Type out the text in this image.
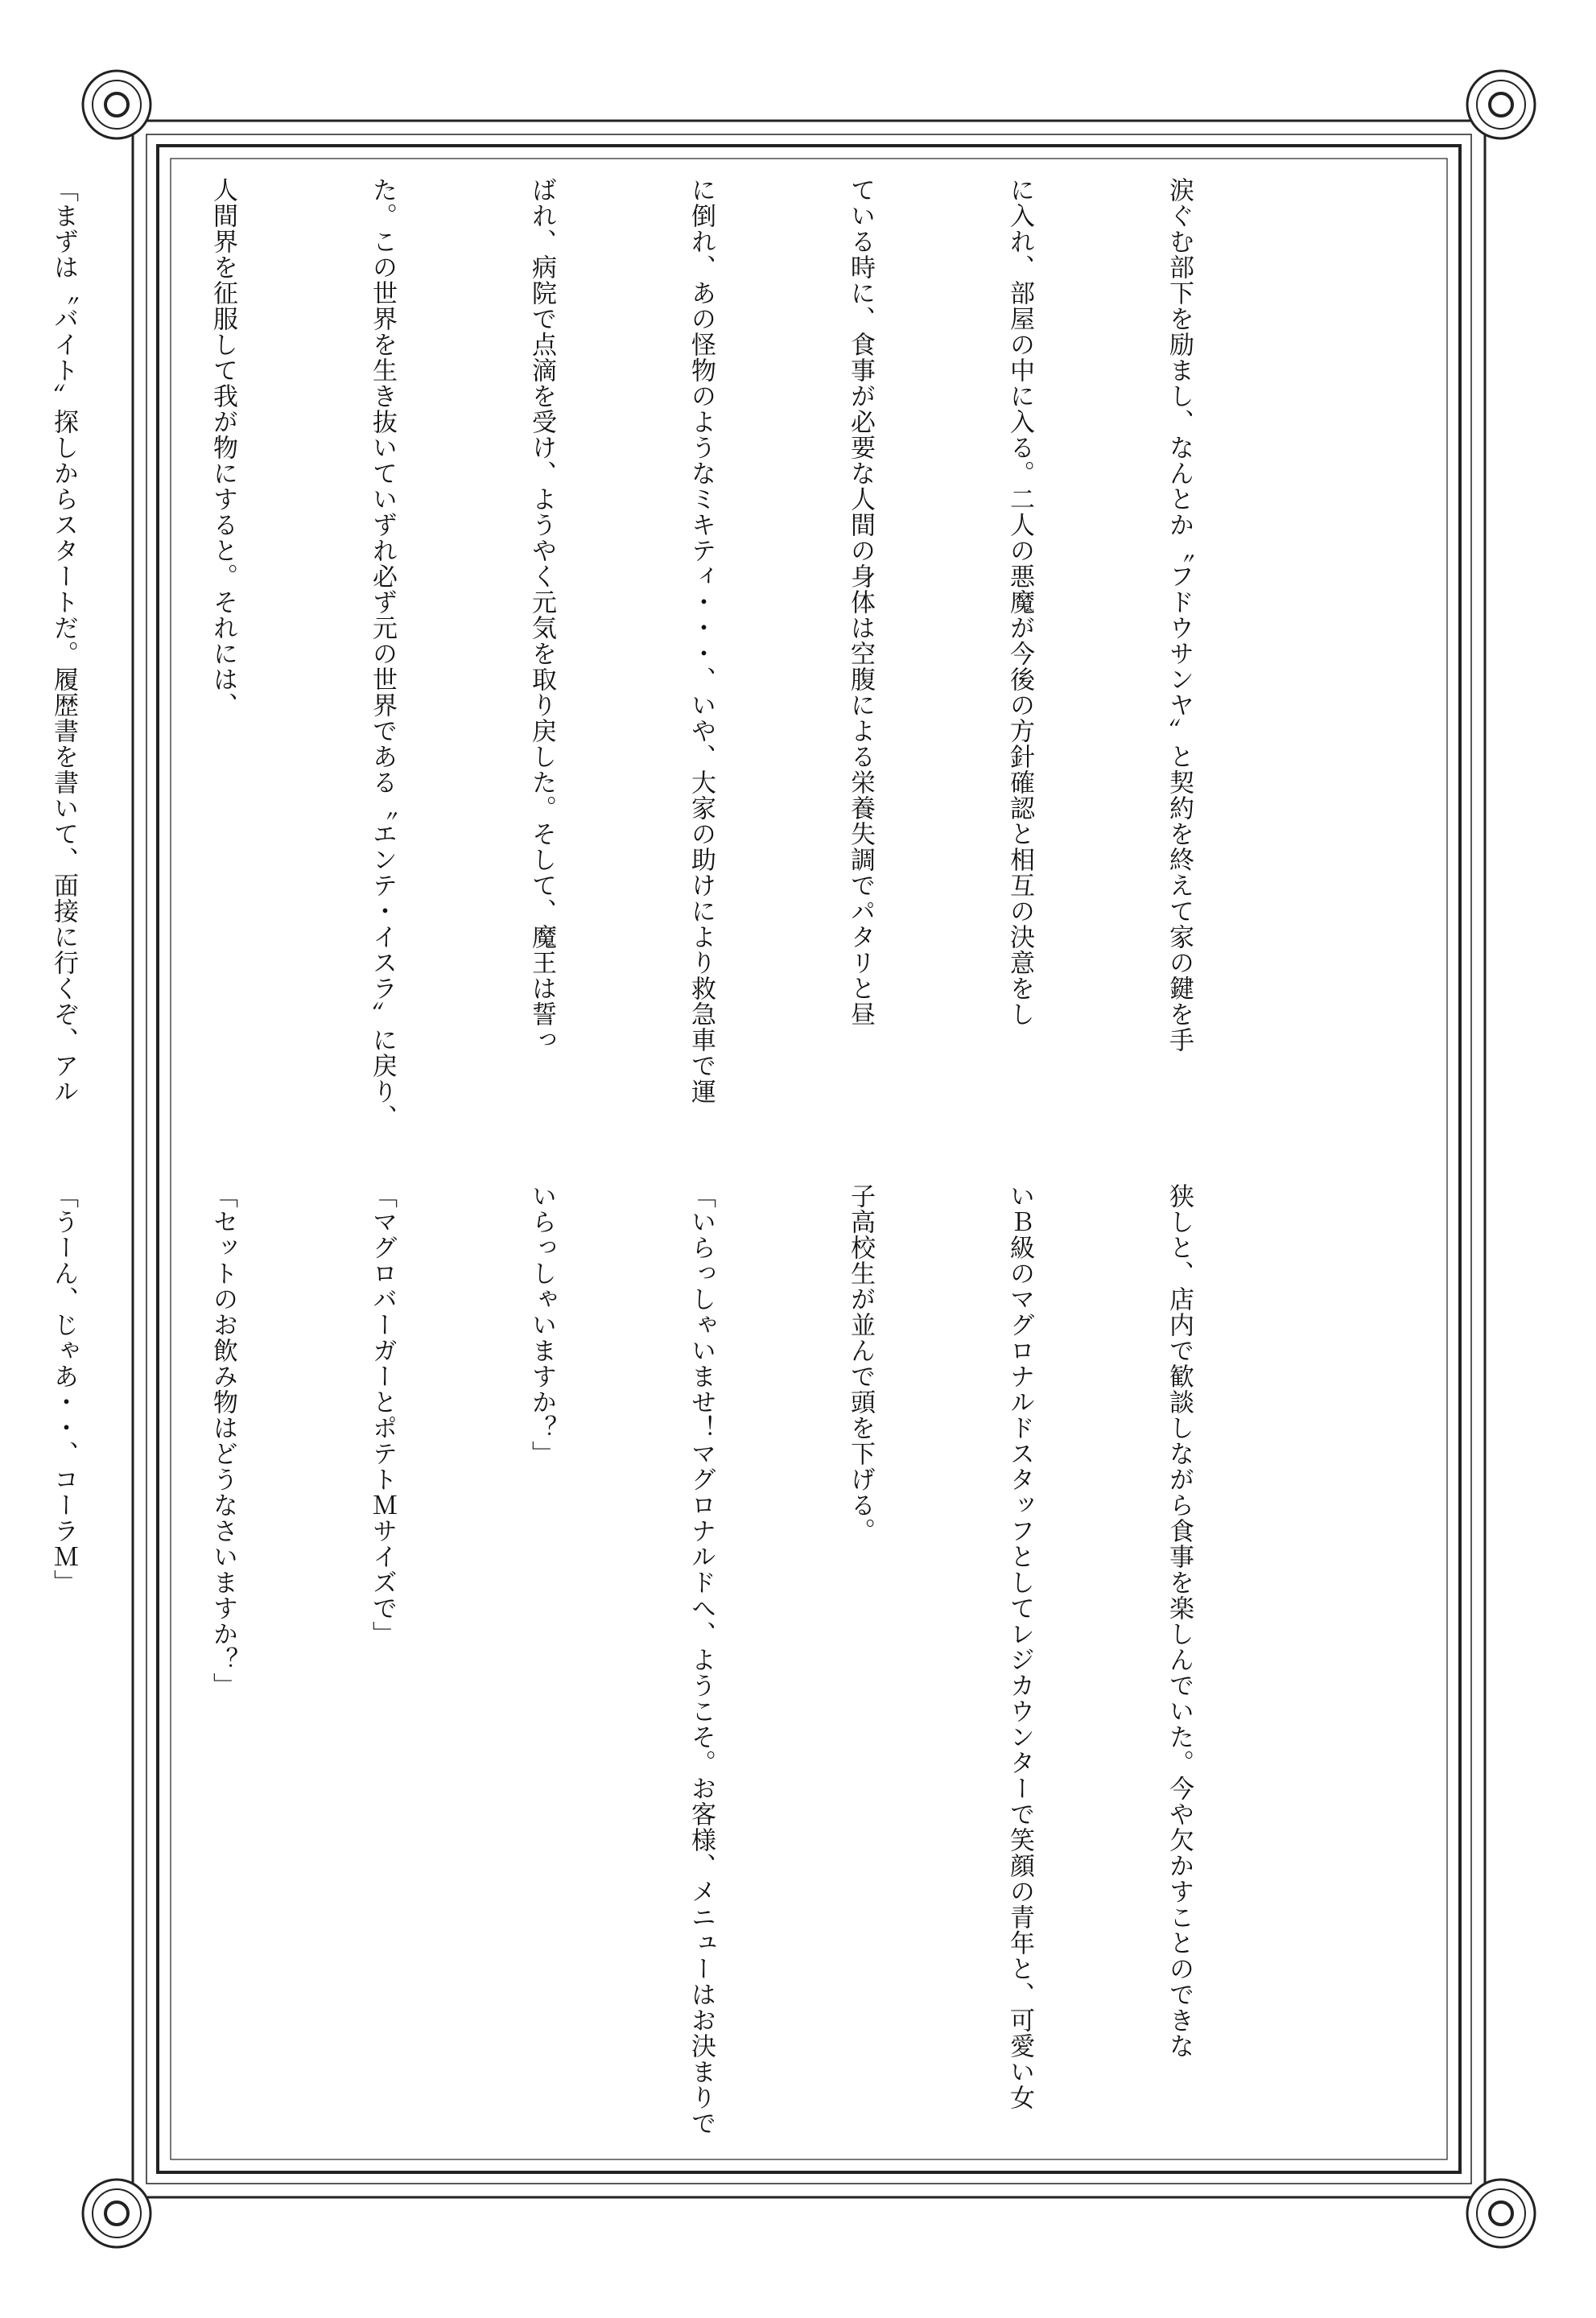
涙ぐむ部下を励まし、なんとか〝フドウサンヤ〟と契約を終えて家の鍵を手

に入れ、部屋の中に入る。二人の悪魔が今後の方針確認と相互の決意をし

ている時に、食事が必要な人間の身体は空腹による栄養失調でパタリと昼

に倒れ、あの怪物のようなミキティ・・・、いや、大家の助けにより救急車で運

ばれ、病院で点滴を受け、ようやく元気を取り戻した。そして、魔王は誓っ

た。この世界を生き抜いていずれ必ず元の世界である〝エンテ・イスラ〟に戻り、

人間界を征服して我が物にすると。それには、

「まずは〝バイト〟探しからスタートだ。履歴書を書いて、面接に行くぞ、アル

狭しと、店内で歓談しながら食事を楽しんでいた。今や欠かすことのできな

いＢ級のマグロナルドスタッフとしてレジカウンターで笑顔の青年と、可愛い女

子高校生が並んで頭を下げる。

「いらっしゃいませ！マグロナルドへ、ようこそ。お客様、メニューはお決まりで

いらっしゃいますか？」

「マグロバーガーとポテトＭサイズで」

「セットのお飲み物はどうなさいますか？」

「うーん、じゃあ・・、コーラＭ」
